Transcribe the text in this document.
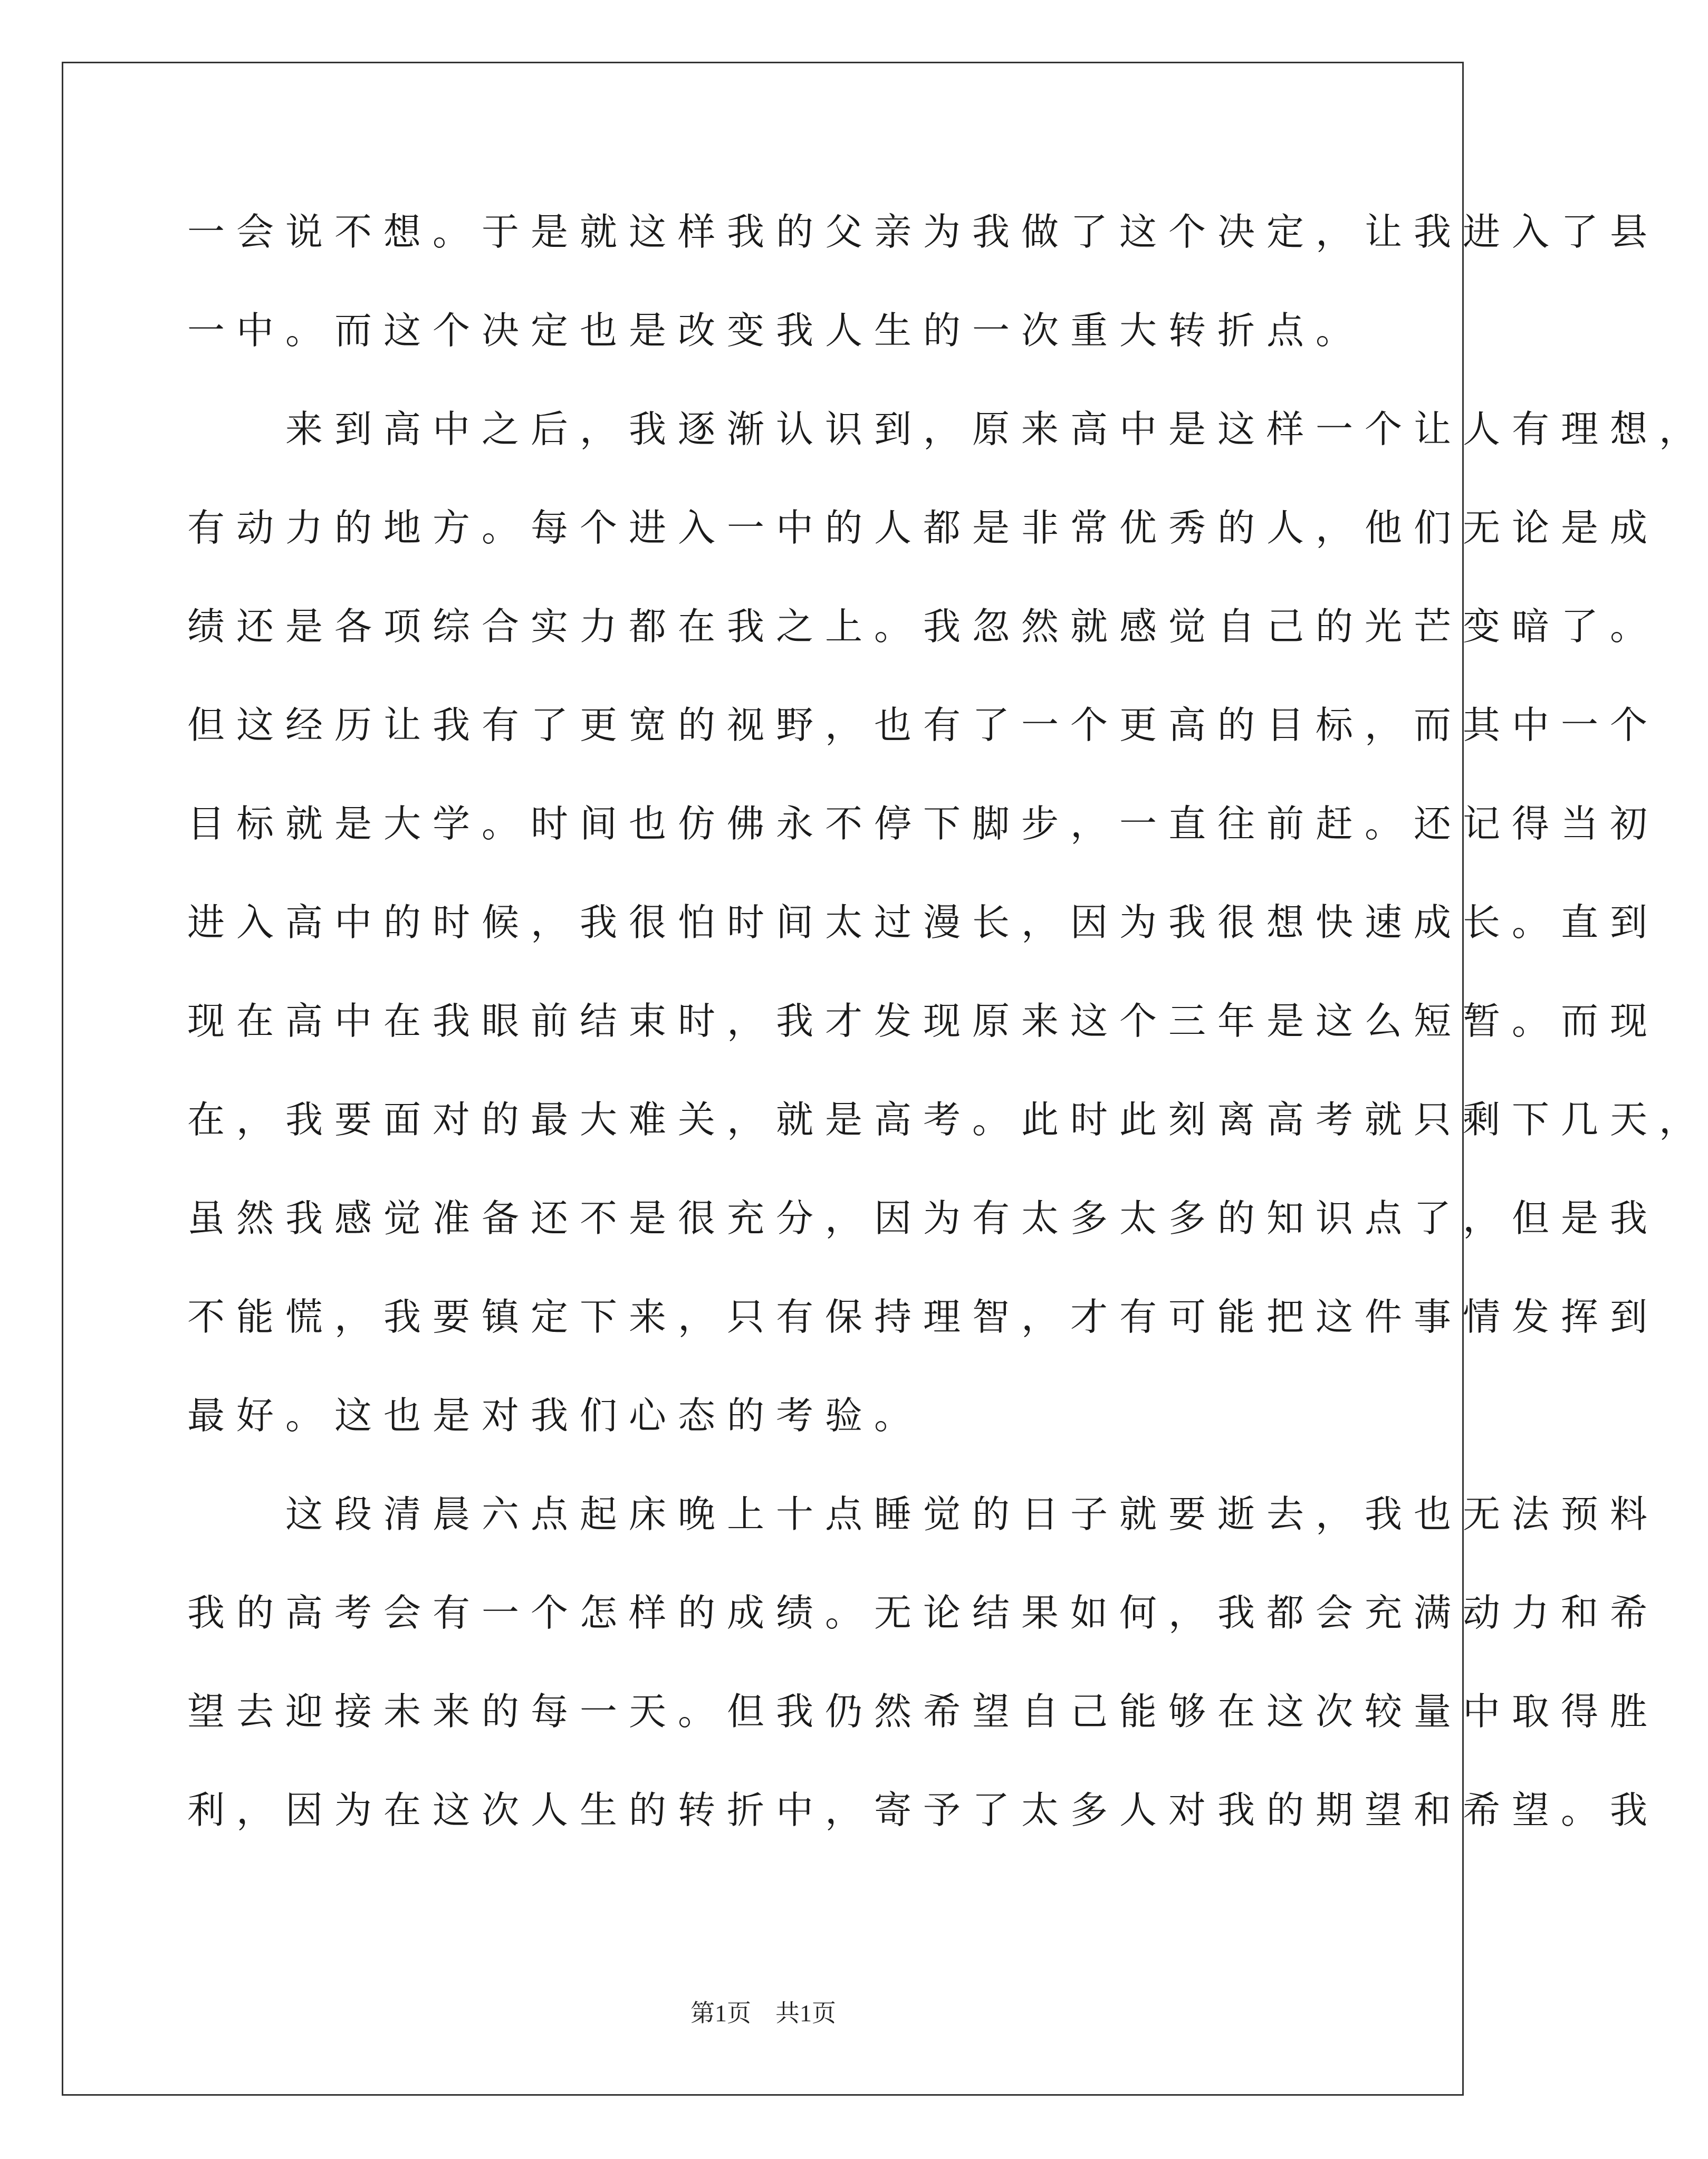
一会说不想。于是就这样我的父亲为我做了这个决定，让我进入了县
一中。而这个决定也是改变我人生的一次重大转折点。
　　来到高中之后，我逐渐认识到，原来高中是这样一个让人有理想，
有动力的地方。每个进入一中的人都是非常优秀的人，他们无论是成
绩还是各项综合实力都在我之上。我忽然就感觉自己的光芒变暗了。
但这经历让我有了更宽的视野，也有了一个更高的目标，而其中一个
目标就是大学。时间也仿佛永不停下脚步，一直往前赶。还记得当初
进入高中的时候，我很怕时间太过漫长，因为我很想快速成长。直到
现在高中在我眼前结束时，我才发现原来这个三年是这么短暂。而现
在，我要面对的最大难关，就是高考。此时此刻离高考就只剩下几天，
虽然我感觉准备还不是很充分，因为有太多太多的知识点了，但是我
不能慌，我要镇定下来，只有保持理智，才有可能把这件事情发挥到
最好。这也是对我们心态的考验。
　　这段清晨六点起床晚上十点睡觉的日子就要逝去，我也无法预料
我的高考会有一个怎样的成绩。无论结果如何，我都会充满动力和希
望去迎接未来的每一天。但我仍然希望自己能够在这次较量中取得胜
利，因为在这次人生的转折中，寄予了太多人对我的期望和希望。我
第1页　共1页
